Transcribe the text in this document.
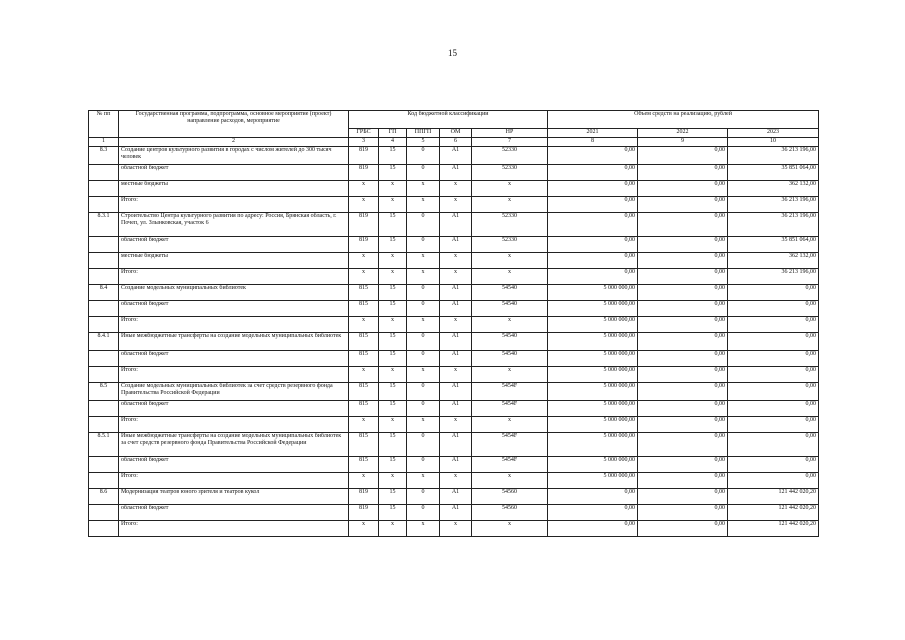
15
№ пп	Государственная программа, подпрограмма, основное мероприятие (проект) направление расходов, мероприятие	Код бюджетной классификации					Объем средств на реализацию, рублей		
		ГРБС	ГП	ППГП	ОМ	НР	2021	2022	2023
1	2	3	4	5	6	7	8	9	10
8.3	Создание центров культурного развития в городах с числом жителей до 300 тысяч человек	819	15	0	A1	52330	0,00	0,00	36 213 196,00
	областной бюджет	819	15	0	A1	52330	0,00	0,00	35 851 064,00
	местные бюджеты	x	x	x	x	x	0,00	0,00	362 132,00
	Итого:	x	x	x	x	x	0,00	0,00	36 213 196,00
8.3.1	Строительство Центра культурного развития по адресу: Россия, Брянская область, г. Почеп, ул. Злынковская, участок 6	819	15	0	A1	52330	0,00	0,00	36 213 196,00
	областной бюджет	819	15	0	A1	52330	0,00	0,00	35 851 064,00
	местные бюджеты	x	x	x	x	x	0,00	0,00	362 132,00
	Итого:	x	x	x	x	x	0,00	0,00	36 213 196,00
8.4	Создание модельных муниципальных библиотек	815	15	0	A1	54540	5 000 000,00	0,00	0,00
	областной бюджет	815	15	0	A1	54540	5 000 000,00	0,00	0,00
	Итого:	x	x	x	x	x	5 000 000,00	0,00	0,00
8.4.1	Иные межбюджетные трансферты на создание модельных муниципальных библиотек	815	15	0	A1	54540	5 000 000,00	0,00	0,00
	областной бюджет	815	15	0	A1	54540	5 000 000,00	0,00	0,00
	Итого:	x	x	x	x	x	5 000 000,00	0,00	0,00
8.5	Создание модельных муниципальных библиотек за счет средств резервного фонда Правительства Российской Федерации	815	15	0	A1	5454F	5 000 000,00	0,00	0,00
	областной бюджет	815	15	0	A1	5454F	5 000 000,00	0,00	0,00
	Итого:	x	x	x	x	x	5 000 000,00	0,00	0,00
8.5.1	Иные межбюджетные трансферты на создание модельных муниципальных библиотек за счет средств резервного фонда Правительства Российской Федерации	815	15	0	A1	5454F	5 000 000,00	0,00	0,00
	областной бюджет	815	15	0	A1	5454F	5 000 000,00	0,00	0,00
	Итого:	x	x	x	x	x	5 000 000,00	0,00	0,00
8.6	Модернизация театров юного зрителя и театров кукол	819	15	0	A1	54560	0,00	0,00	121 442 020,20
	областной бюджет	819	15	0	A1	54560	0,00	0,00	121 442 020,20
	Итого:	x	x	x	x	x	0,00	0,00	121 442 020,20
